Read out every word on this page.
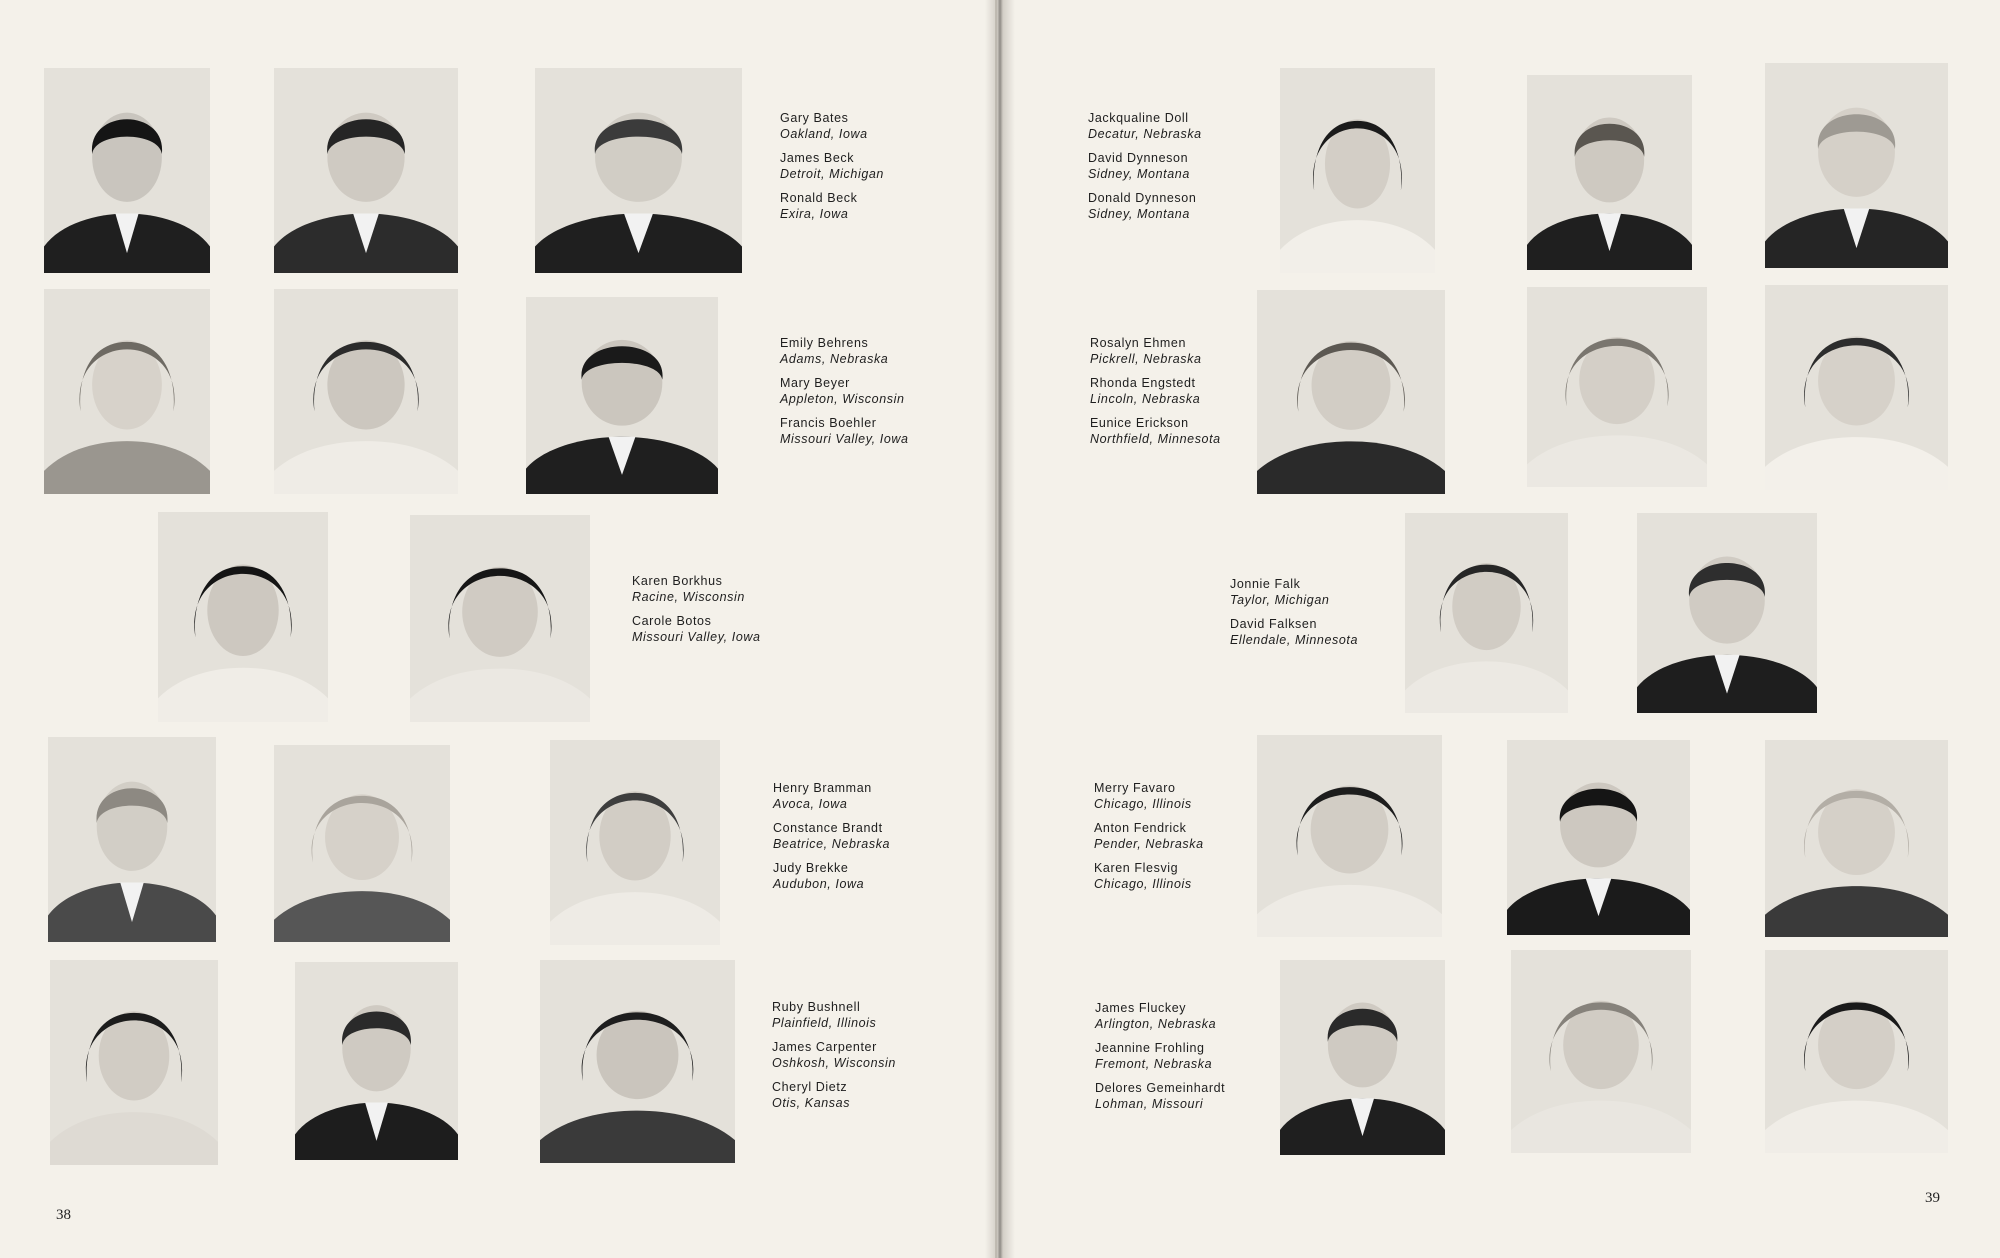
Gary Bates
Oakland, Iowa
James Beck
Detroit, Michigan
Ronald Beck
Exira, Iowa
Emily Behrens
Adams, Nebraska
Mary Beyer
Appleton, Wisconsin
Francis Boehler
Missouri Valley, Iowa
Karen Borkhus
Racine, Wisconsin
Carole Botos
Missouri Valley, Iowa
Henry Bramman
Avoca, Iowa
Constance Brandt
Beatrice, Nebraska
Judy Brekke
Audubon, Iowa
Ruby Bushnell
Plainfield, Illinois
James Carpenter
Oshkosh, Wisconsin
Cheryl Dietz
Otis, Kansas
38
Jackqualine Doll
Decatur, Nebraska
David Dynneson
Sidney, Montana
Donald Dynneson
Sidney, Montana
Rosalyn Ehmen
Pickrell, Nebraska
Rhonda Engstedt
Lincoln, Nebraska
Eunice Erickson
Northfield, Minnesota
Jonnie Falk
Taylor, Michigan
David Falksen
Ellendale, Minnesota
Merry Favaro
Chicago, Illinois
Anton Fendrick
Pender, Nebraska
Karen Flesvig
Chicago, Illinois
James Fluckey
Arlington, Nebraska
Jeannine Frohling
Fremont, Nebraska
Delores Gemeinhardt
Lohman, Missouri
39
